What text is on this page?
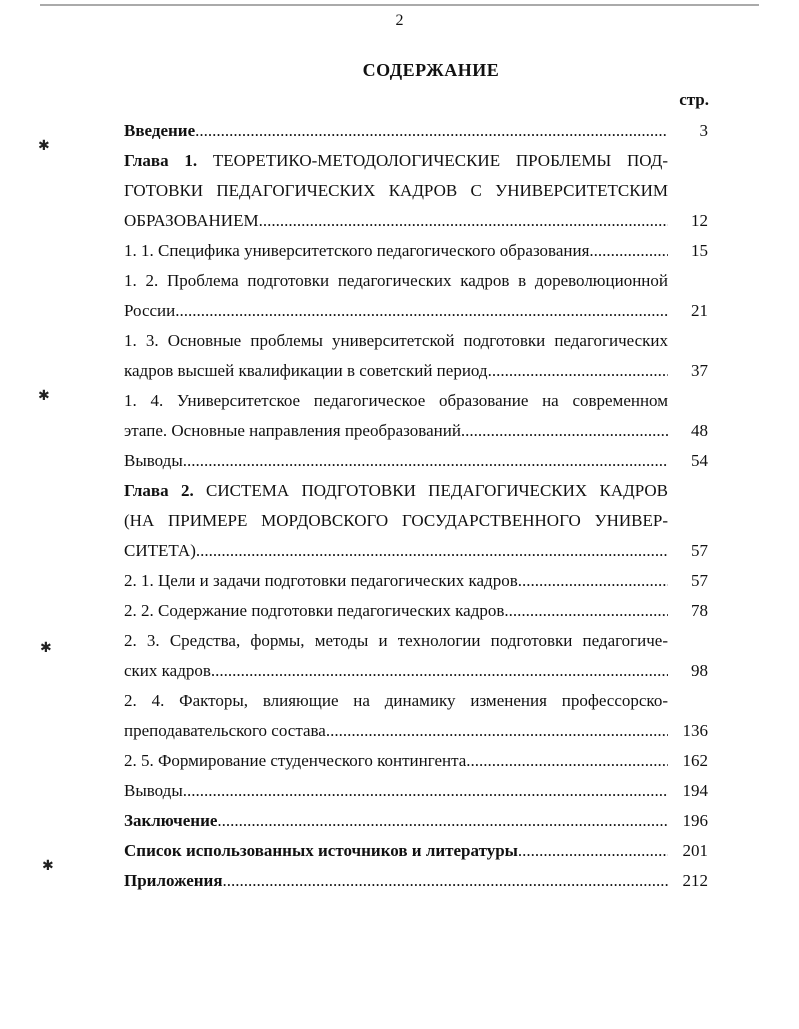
2
СОДЕРЖАНИЕ
стр.
✱
✱
✱
✱
Введение .....	3
Глава 1. ТЕОРЕТИКО-МЕТОДОЛОГИЧЕСКИЕ ПРОБЛЕМЫ ПОД-
ГОТОВКИ ПЕДАГОГИЧЕСКИХ КАДРОВ С УНИВЕРСИТЕТСКИМ
ОБРАЗОВАНИЕМ .....	12
1. 1. Специфика университетского педагогического образования .....	15
1. 2. Проблема подготовки педагогических кадров в дореволюционной
России .....	21
1. 3. Основные проблемы университетской подготовки педагогических
кадров высшей квалификации в советский период .....	37
1. 4. Университетское педагогическое образование на современном
этапе. Основные направления преобразований .....	48
Выводы .....	54
Глава 2. СИСТЕМА ПОДГОТОВКИ ПЕДАГОГИЧЕСКИХ КАДРОВ
(НА ПРИМЕРЕ МОРДОВСКОГО ГОСУДАРСТВЕННОГО УНИВЕР-
СИТЕТА) .....	57
2. 1. Цели и задачи подготовки педагогических кадров .....	57
2. 2. Содержание подготовки педагогических кадров .....	78
2. 3. Средства, формы, методы и технологии подготовки педагогиче-
ских кадров .....	98
2. 4. Факторы, влияющие на динамику изменения профессорско-
преподавательского состава .....	136
2. 5. Формирование студенческого контингента .....	162
Выводы .....	194
Заключение .....	196
Список использованных источников и литературы .....	201
Приложения .....	212
